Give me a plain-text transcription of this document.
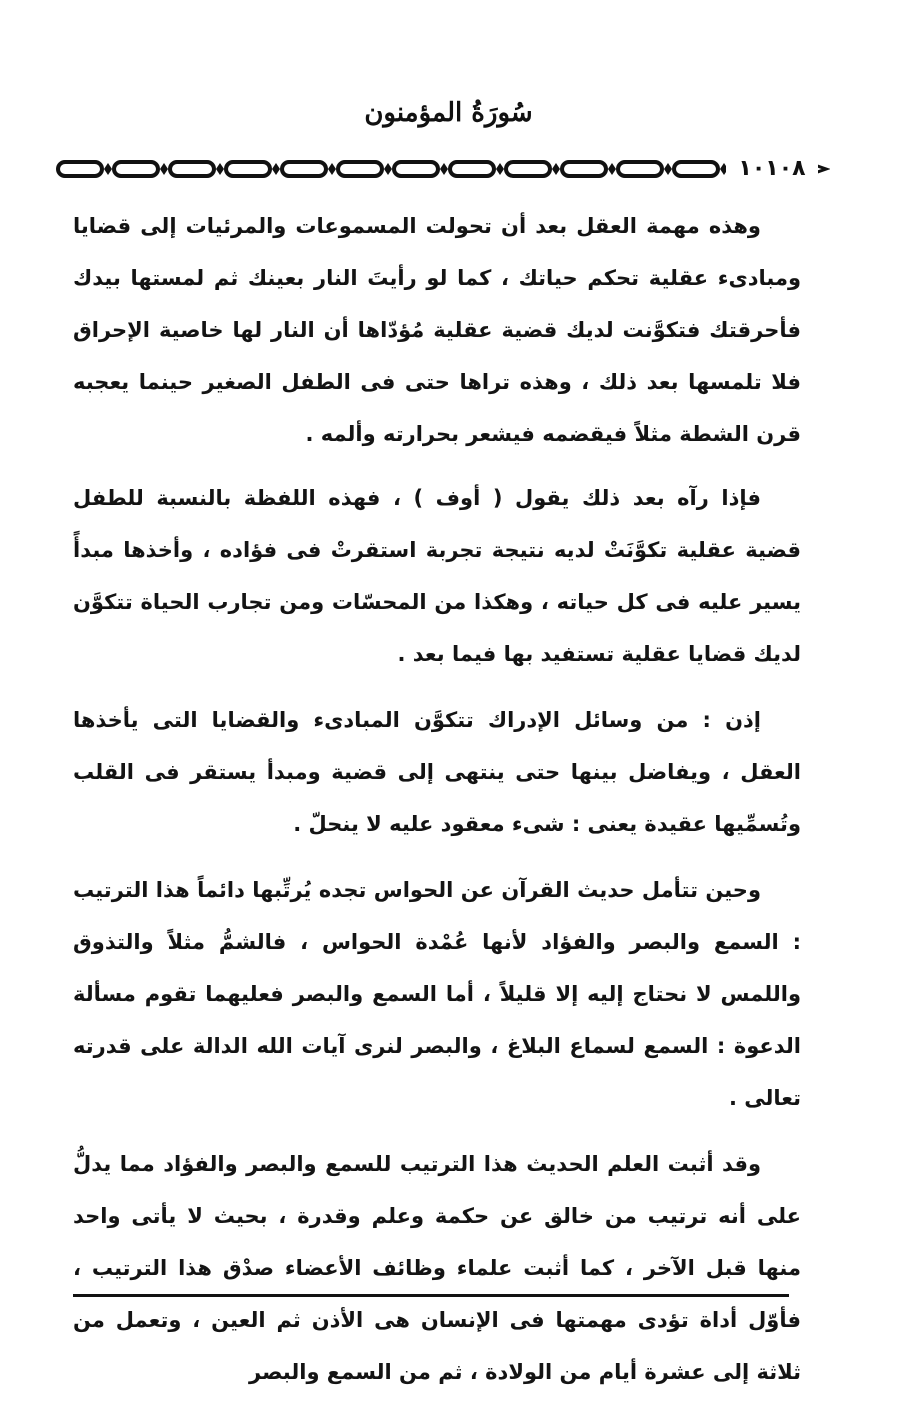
سُورَةُ المؤمنون
١٠١٠٨

وهذه مهمة العقل بعد أن تحولت المسموعات والمرئيات إلى قضايا ومبادىء عقلية تحكم حياتك ، كما لو رأيتَ النار بعينك ثم لمستها بيدك فأحرقتك فتكوَّنت لديك قضية عقلية مُؤدّاها أن النار لها خاصية الإحراق فلا تلمسها بعد ذلك ، وهذه تراها حتى فى الطفل الصغير حينما يعجبه قرن الشطة مثلاً فيقضمه فيشعر بحرارته وألمه .

فإذا رآه بعد ذلك يقول ( أوف ) ، فهذه اللفظة بالنسبة للطفل قضية عقلية تكوَّنَتْ لديه نتيجة تجربة استقرتْ فى فؤاده ، وأخذها مبدأً يسير عليه فى كل حياته ، وهكذا من المحسّات ومن تجارب الحياة تتكوَّن لديك قضايا عقلية تستفيد بها فيما بعد .

إذن : من وسائل الإدراك تتكوَّن المبادىء والقضايا التى يأخذها العقل ، ويفاضل بينها حتى ينتهى إلى قضية ومبدأ يستقر فى القلب وتُسمِّيها عقيدة يعنى : شىء معقود عليه لا ينحلّ .

وحين تتأمل حديث القرآن عن الحواس تجده يُرتِّبها دائماً هذا الترتيب : السمع والبصر والفؤاد لأنها عُمْدة الحواس ، فالشمُّ مثلاً والتذوق واللمس لا نحتاج إليه إلا قليلاً ، أما السمع والبصر فعليهما تقوم مسألة الدعوة : السمع لسماع البلاغ ، والبصر لنرى آيات الله الدالة على قدرته تعالى .

وقد أثبت العلم الحديث هذا الترتيب للسمع والبصر والفؤاد مما يدلُّ على أنه ترتيب من خالق عن حكمة وعلم وقدرة ، بحيث لا يأتى واحد منها قبل الآخر ، كما أثبت علماء وظائف الأعضاء صدْق هذا الترتيب ، فأوّل أداة تؤدى مهمتها فى الإنسان هى الأذن ثم العين ، وتعمل من ثلاثة إلى عشرة أيام من الولادة ، ثم من السمع والبصر
